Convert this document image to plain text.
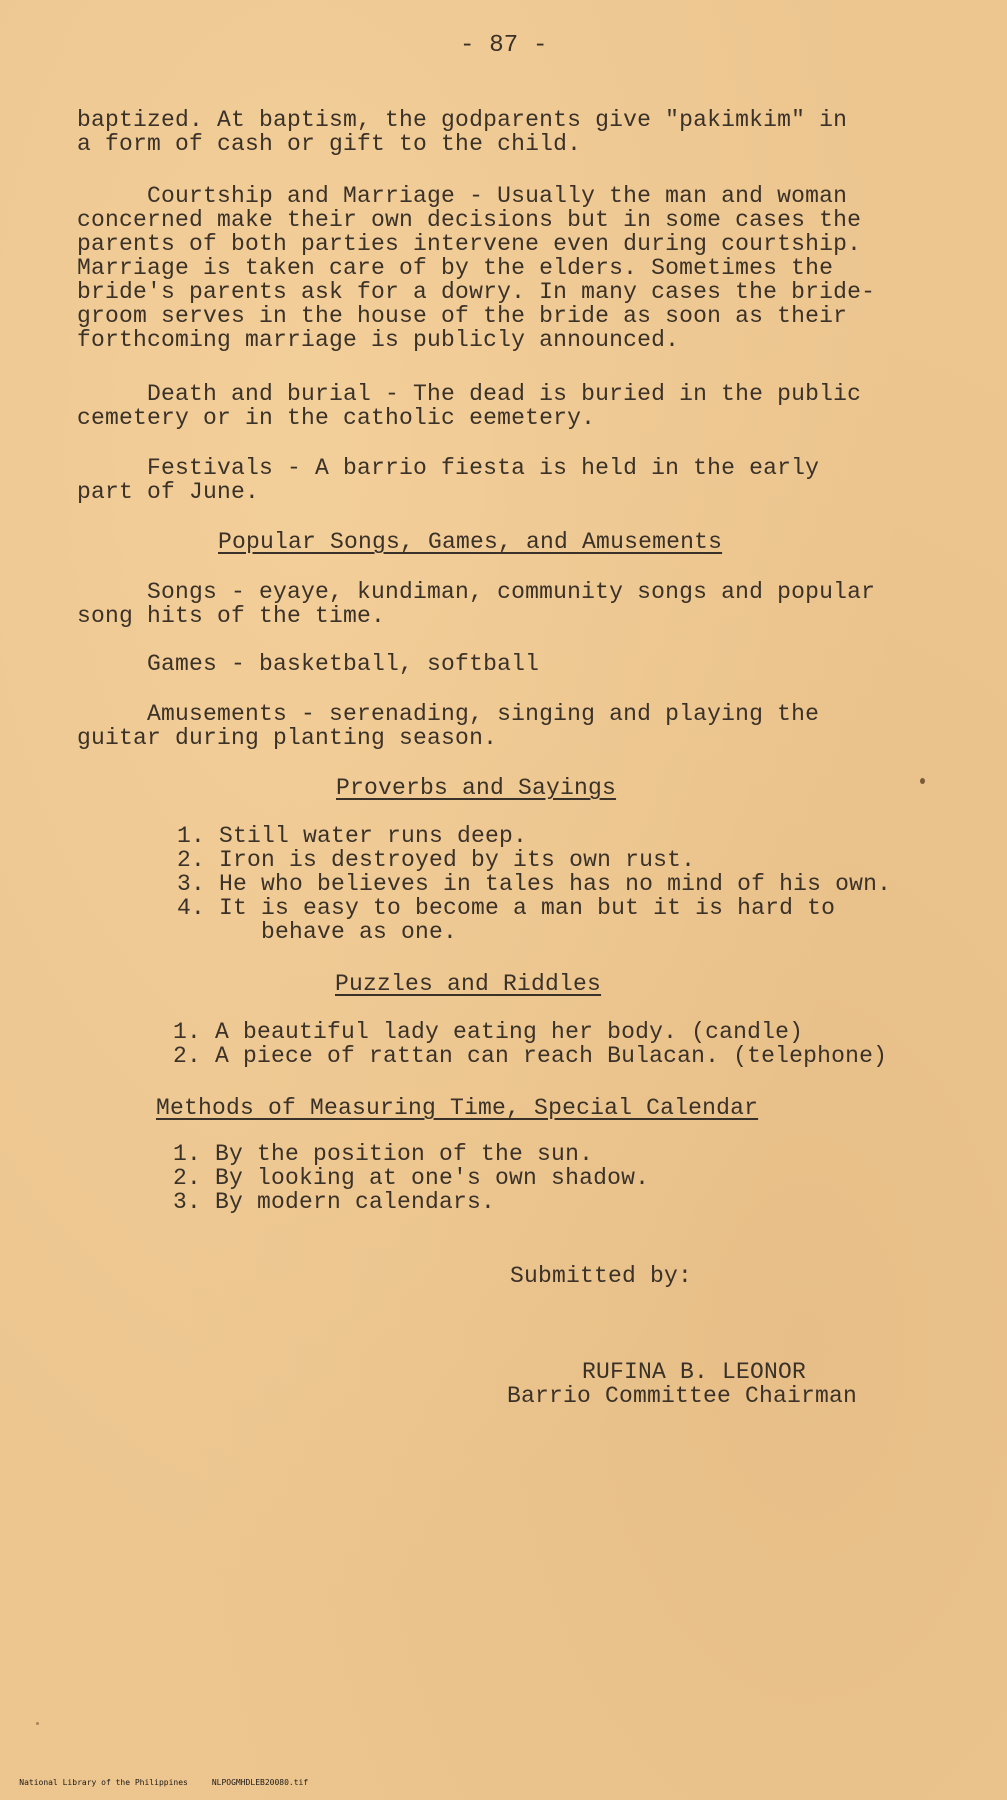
- 87 -
baptized. At baptism, the godparents give "pakimkim" in
a form of cash or gift to the child.
Courtship and Marriage - Usually the man and woman
concerned make their own decisions but in some cases the
parents of both parties intervene even during courtship.
Marriage is taken care of by the elders. Sometimes the
bride's parents ask for a dowry. In many cases the bride-
groom serves in the house of the bride as soon as their
forthcoming marriage is publicly announced.
Death and burial - The dead is buried in the public
cemetery or in the catholic eemetery.
Festivals - A barrio fiesta is held in the early
part of June.
Popular Songs, Games, and Amusements
Songs - eyaye, kundiman, community songs and popular
song hits of the time.
Games - basketball, softball
Amusements - serenading, singing and playing the
guitar during planting season.
Proverbs and Sayings
1. Still water runs deep.
2. Iron is destroyed by its own rust.
3. He who believes in tales has no mind of his own.
4. It is easy to become a man but it is hard to
behave as one.
Puzzles and Riddles
1. A beautiful lady eating her body. (candle)
2. A piece of rattan can reach Bulacan. (telephone)
Methods of Measuring Time, Special Calendar
1. By the position of the sun.
2. By looking at one's own shadow.
3. By modern calendars.
Submitted by:
RUFINA B. LEONOR
Barrio Committee Chairman

National Library of the Philippines	NLPOGMHDLEB20080.tif
